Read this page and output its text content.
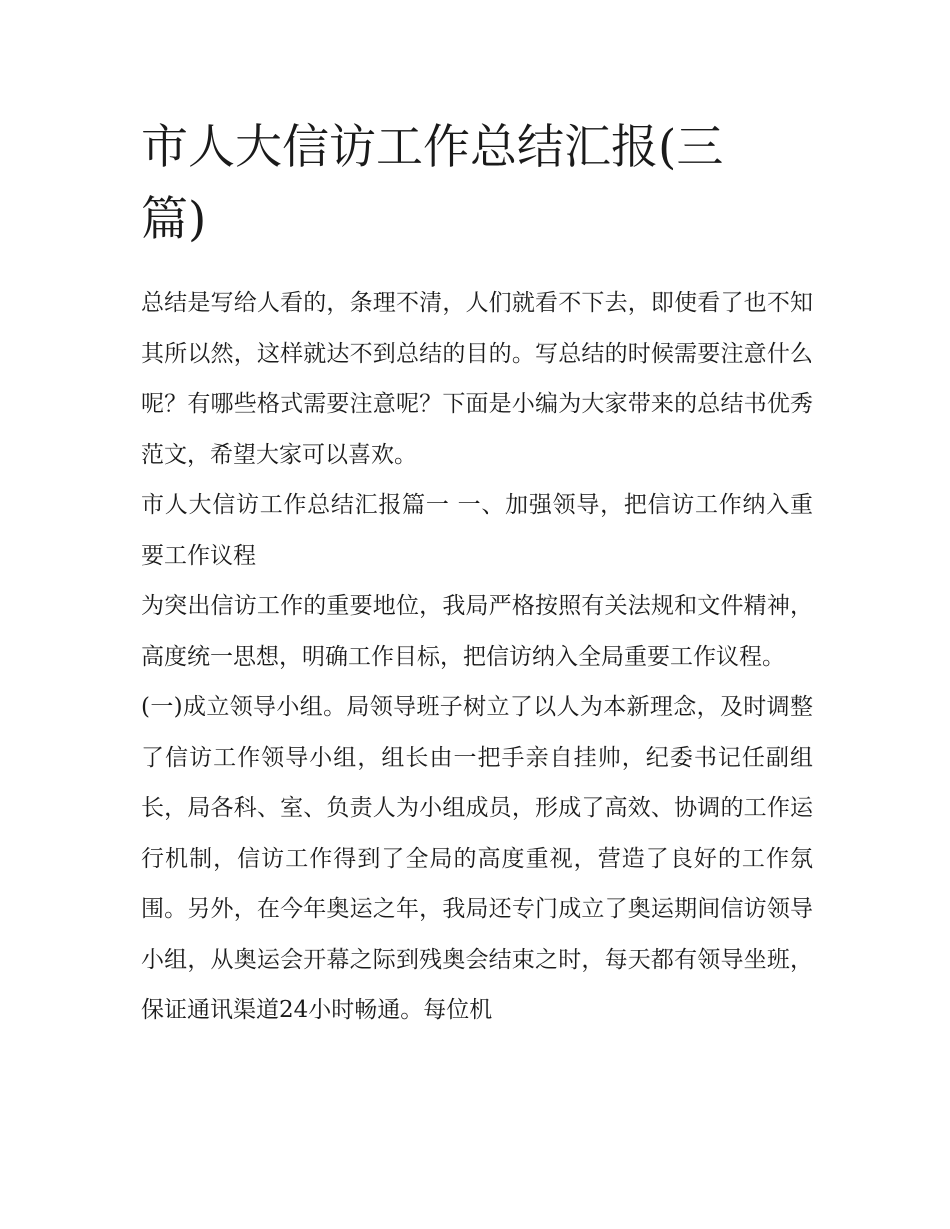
市人大信访工作总结汇报(三篇)

总结是写给人看的，条理不清，人们就看不下去，即使看了也不知其所以然，这样就达不到总结的目的。写总结的时候需要注意什么呢？有哪些格式需要注意呢？下面是小编为大家带来的总结书优秀范文，希望大家可以喜欢。

市人大信访工作总结汇报篇一 一、加强领导，把信访工作纳入重要工作议程

为突出信访工作的重要地位，我局严格按照有关法规和文件精神，高度统一思想，明确工作目标，把信访纳入全局重要工作议程。

(一)成立领导小组。局领导班子树立了以人为本新理念，及时调整了信访工作领导小组，组长由一把手亲自挂帅，纪委书记任副组长，局各科、室、负责人为小组成员，形成了高效、协调的工作运行机制，信访工作得到了全局的高度重视，营造了良好的工作氛围。另外，在今年奥运之年，我局还专门成立了奥运期间信访领导小组，从奥运会开幕之际到残奥会结束之时，每天都有领导坐班，保证通讯渠道24小时畅通。每位机
